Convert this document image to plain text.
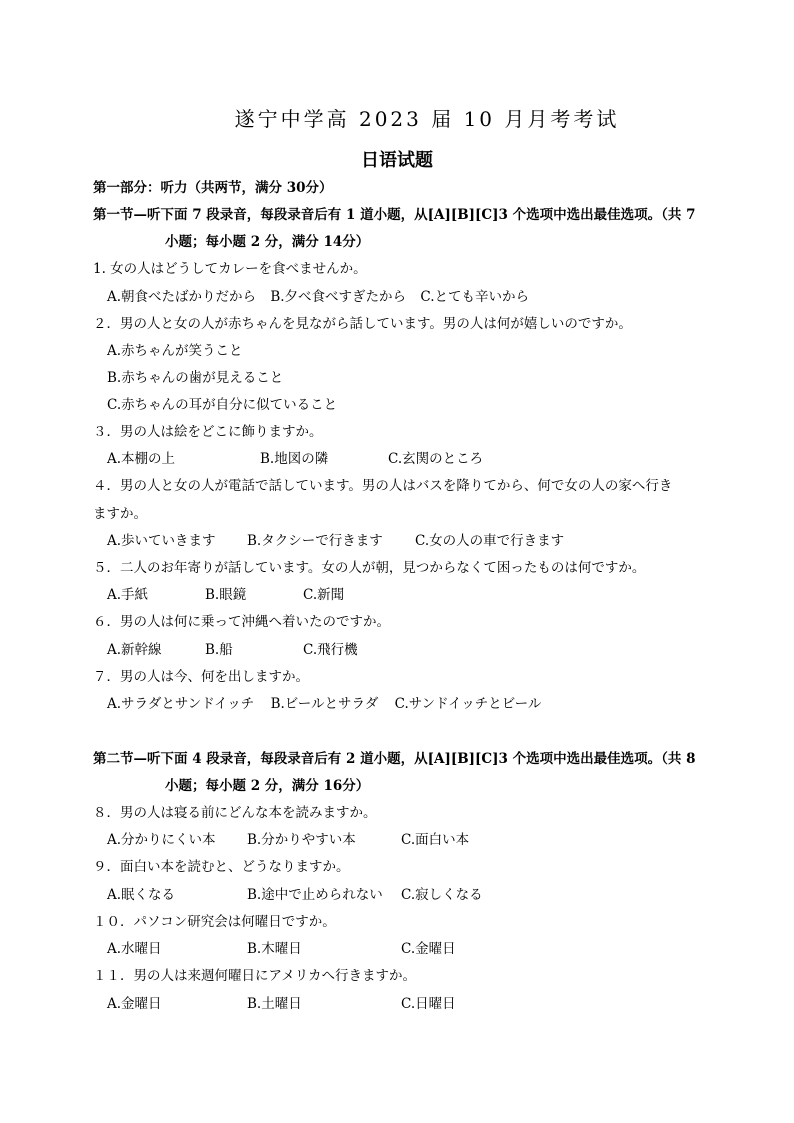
遂宁中学高 2023 届 10 月月考考试
日语试题
第一部分：听力（共两节，满分 30分）
第一节—听下面 7 段录音，每段录音后有 1 道小题，从[A][B][C]3 个选项中选出最佳选项。（共 7
小题；每小题 2 分，满分 14分）
1. 女の人はどうしてカレーを食べませんか。
A.朝食べたばかりだから B.夕べ食べすぎたから C.とても辛いから
２．男の人と女の人が赤ちゃんを見ながら話しています。男の人は何が嬉しいのですか。
A.赤ちゃんが笑うこと
B.赤ちゃんの歯が見えること
C.赤ちゃんの耳が自分に似ていること
３．男の人は絵をどこに飾りますか。
A.本棚の上	B.地図の隣	C.玄関のところ
４．男の人と女の人が電話で話しています。男の人はバスを降りてから、何で女の人の家へ行き
ますか。
A.歩いていきます B.タクシーで行きます C.女の人の車で行きます
５．二人のお年寄りが話しています。女の人が朝，見つからなくて困ったものは何ですか。
A.手紙	B.眼鏡	C.新聞
６．男の人は何に乗って沖縄へ着いたのですか。
A.新幹線	B.船	C.飛行機
７．男の人は今、何を出しますか。
A.サラダとサンドイッチ B.ビールとサラダ C.サンドイッチとビール
第二节—听下面 4 段录音，每段录音后有 2 道小题，从[A][B][C]3 个选项中选出最佳选项。（共 8
小题；每小题 2 分，满分 16分）
８．男の人は寝る前にどんな本を読みますか。
A.分かりにくい本 B.分かりやすい本	C.面白い本
９．面白い本を読むと、どうなりますか。
A.眠くなる	B.途中で止められない C.寂しくなる
１０．パソコン研究会は何曜日ですか。
A.水曜日	B.木曜日	C.金曜日
１１．男の人は来週何曜日にアメリカへ行きますか。
A.金曜日	B.土曜日	C.日曜日
